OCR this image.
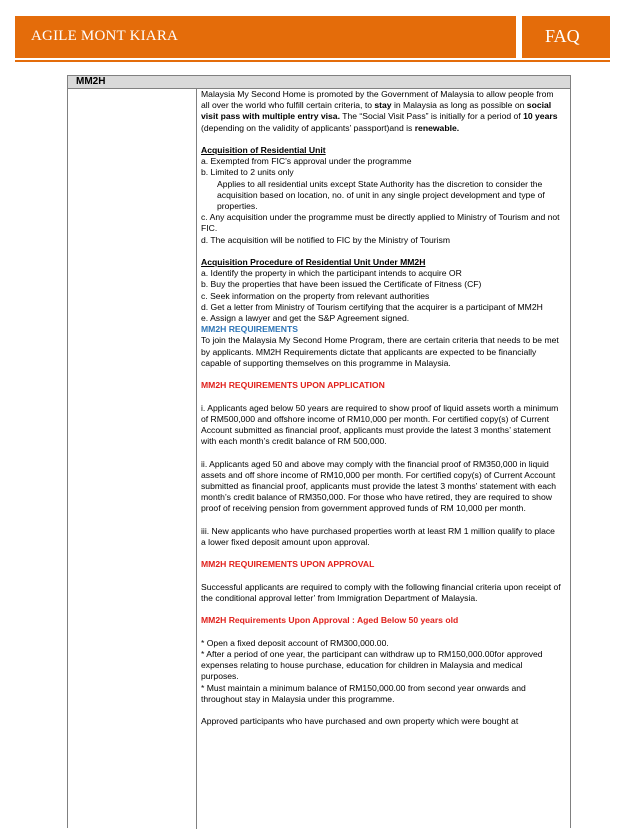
AGILE MONT KIARA	FAQ
MM2H

Malaysia My Second Home is promoted by the Government of Malaysia to allow people from all over the world who fulfill certain criteria, to stay in Malaysia as long as possible on social visit pass with multiple entry visa. The “Social Visit Pass” is initially for a period of 10 years (depending on the validity of applicants’ passport)and is renewable.

Acquisition of Residential Unit

a. Exempted from FIC’s approval under the programme

b. Limited to 2 units only

Applies to all residential units except State Authority has the discretion to consider the acquisition based on location, no. of unit in any single project development and type of properties.

c. Any acquisition under the programme must be directly applied to Ministry of Tourism and not FIC.

d. The acquisition will be notified to FIC by the Ministry of Tourism

Acquisition Procedure of Residential Unit Under MM2H

a. Identify the property in which the participant intends to acquire OR

b. Buy the properties that have been issued the Certificate of Fitness (CF)

c. Seek information on the property from relevant authorities

d. Get a letter from Ministry of Tourism certifying that the acquirer is a participant of MM2H

e. Assign a lawyer and get the S&P Agreement signed.

MM2H REQUIREMENTS

To join the Malaysia My Second Home Program, there are certain criteria that needs to be met by applicants. MM2H Requirements dictate that applicants are expected to be financially capable of supporting themselves on this programme in Malaysia.

MM2H REQUIREMENTS UPON APPLICATION

i. Applicants aged below 50 years are required to show proof of liquid assets worth a minimum of RM500,000 and offshore income of RM10,000 per month. For certified copy(s) of Current Account submitted as financial proof, applicants must provide the latest 3 months’ statement with each month’s credit balance of RM 500,000.

ii. Applicants aged 50 and above may comply with the financial proof of RM350,000 in liquid assets and off shore income of RM10,000 per month. For certified copy(s) of Current Account

submitted as financial proof, applicants must provide the latest 3 months’ statement with each month’s credit balance of RM350,000. For those who have retired, they are required to show proof of receiving pension from government approved funds of RM 10,000 per month.

iii. New applicants who have purchased properties worth at least RM 1 million qualify to place a lower fixed deposit amount upon approval.

MM2H REQUIREMENTS UPON APPROVAL

Successful applicants are required to comply with the following financial criteria upon receipt of the conditional approval letter’ from Immigration Department of Malaysia.

MM2H Requirements Upon Approval : Aged Below 50 years old

* Open a fixed deposit account of RM300,000.00.

* After a period of one year, the participant can withdraw up to RM150,000.00for approved expenses relating to house purchase, education for children in Malaysia and medical purposes.

* Must maintain a minimum balance of RM150,000.00 from second year onwards and throughout stay in Malaysia under this programme.

Approved participants who have purchased and own property which were bought at
